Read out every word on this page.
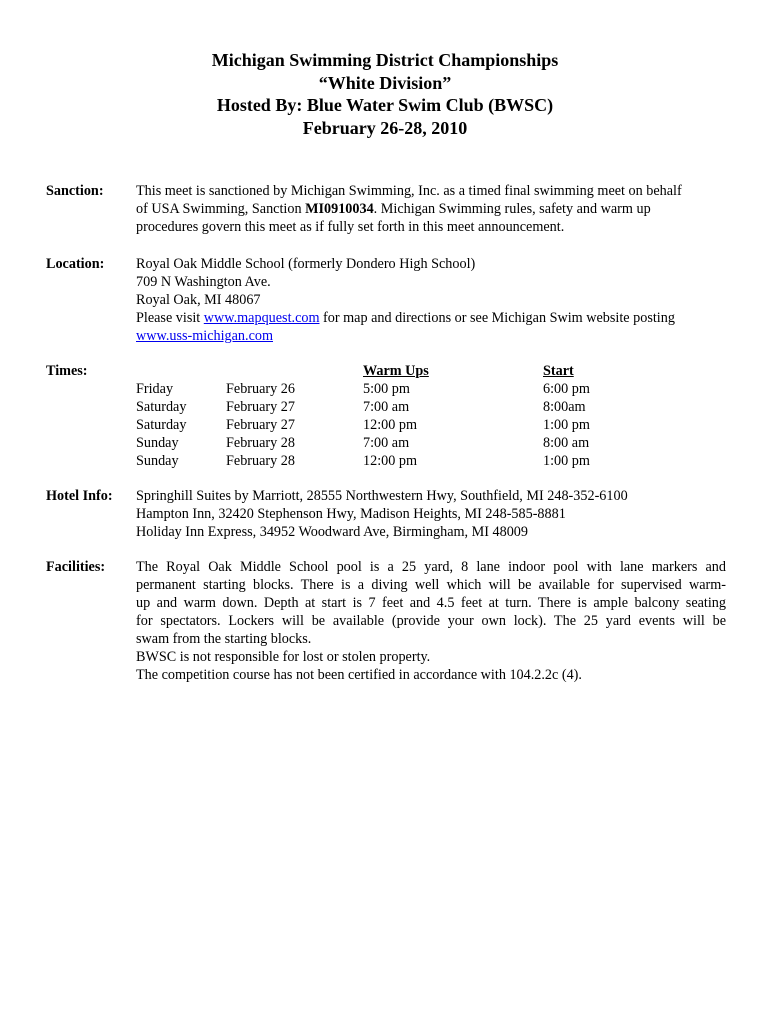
Michigan Swimming District Championships
“White Division”
Hosted By: Blue Water Swim Club (BWSC)
February 26-28, 2010
Sanction: This meet is sanctioned by Michigan Swimming, Inc. as a timed final swimming meet on behalf
of USA Swimming, Sanction MI0910034. Michigan Swimming rules, safety and warm up
procedures govern this meet as if fully set forth in this meet announcement.
Location: Royal Oak Middle School (formerly Dondero High School)
709 N Washington Ave.
Royal Oak, MI 48067
Please visit www.mapquest.com for map and directions or see Michigan Swim website posting
www.uss-michigan.com
Times:
Friday
Saturday
Saturday
Sunday
Sunday
February 26
February 27
February 27
February 28
February 28
Warm Ups
5:00 pm
7:00 am
12:00 pm
7:00 am
12:00 pm
Start
6:00 pm
8:00am
1:00 pm
8:00 am
1:00 pm
Hotel Info: Springhill Suites by Marriott, 28555 Northwestern Hwy, Southfield, MI 248-352-6100
Hampton Inn, 32420 Stephenson Hwy, Madison Heights, MI 248-585-8881
Holiday Inn Express, 34952 Woodward Ave, Birmingham, MI 48009
Facilities: The Royal Oak Middle School pool is a 25 yard, 8 lane indoor pool with lane markers and
permanent starting blocks. There is a diving well which will be available for supervised warm-
up and warm down. Depth at start is 7 feet and 4.5 feet at turn. There is ample balcony seating
for spectators. Lockers will be available (provide your own lock). The 25 yard events will be
swam from the starting blocks.
BWSC is not responsible for lost or stolen property.
The competition course has not been certified in accordance with 104.2.2c (4).
